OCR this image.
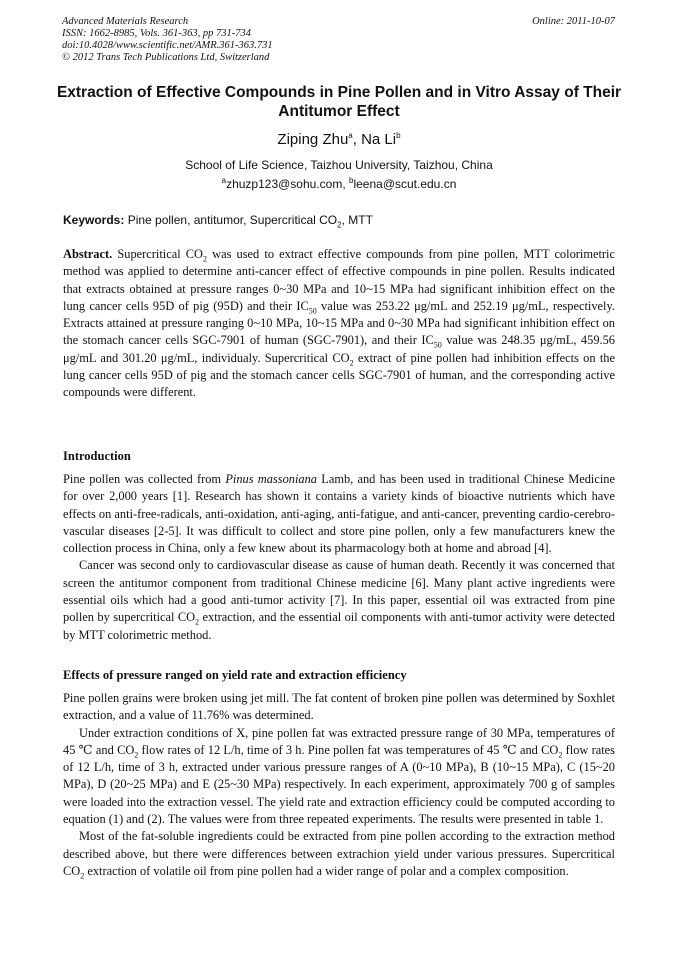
Advanced Materials Research
ISSN: 1662-8985, Vols. 361-363, pp 731-734
doi:10.4028/www.scientific.net/AMR.361-363.731
© 2012 Trans Tech Publications Ltd, Switzerland
Online: 2011-10-07
Extraction of Effective Compounds in Pine Pollen and in Vitro Assay of Their Antitumor Effect
Ziping Zhu$^a$, Na Li$^b$
School of Life Science, Taizhou University, Taizhou, China
$^a$zhuzp123@sohu.com, $^b$leena@scut.edu.cn
Keywords: Pine pollen, antitumor, Supercritical $CO_2$, MTT

Abstract. Supercritical $CO_2$ was used to extract effective compounds from pine pollen, MTT colorimetric method was applied to determine anti-cancer effect of effective compounds in pine pollen. Results indicated that extracts obtained at pressure ranges 0~30 MPa and 10~15 MPa had significant inhibition effect on the lung cancer cells 95D of pig (95D) and their $IC_{50}$ value was 253.22 μg/mL and 252.19 μg/mL, respectively. Extracts attained at pressure ranging 0~10 MPa, 10~15 MPa and 0~30 MPa had significant inhibition effect on the stomach cancer cells SGC-7901 of human (SGC-7901), and their $IC_{50}$ value was 248.35 μg/mL, 459.56 μg/mL and 301.20 μg/mL, individualy. Supercritical $CO_2$ extract of pine pollen had inhibition effects on the lung cancer cells 95D of pig and the stomach cancer cells SGC-7901 of human, and the corresponding active compounds were different.

Introduction

Pine pollen was collected from Pinus massoniana Lamb, and has been used in traditional Chinese Medicine for over 2,000 years [1]. Research has shown it contains a variety kinds of bioactive nutrients which have effects on anti-free-radicals, anti-oxidation, anti-aging, anti-fatigue, and anti-cancer, preventing cardio-cerebro-vascular diseases [2-5]. It was difficult to collect and store pine pollen, only a few manufacturers knew the collection process in China, only a few knew about its pharmacology both at home and abroad [4].

Cancer was second only to cardiovascular disease as cause of human death. Recently it was concerned that screen the antitumor component from traditional Chinese medicine [6]. Many plant active ingredients were essential oils which had a good anti-tumor activity [7]. In this paper, essential oil was extracted from pine pollen by supercritical $CO_2$ extraction, and the essential oil components with anti-tumor activity were detected by MTT colorimetric method.

Effects of pressure ranged on yield rate and extraction efficiency

Pine pollen grains were broken using jet mill. The fat content of broken pine pollen was determined by Soxhlet extraction, and a value of 11.76% was determined.

Under extraction conditions of X, pine pollen fat was extracted pressure range of 30 MPa, temperatures of 45 ℃ and $CO_2$ flow rates of 12 L/h, time of 3 h. Pine pollen fat was temperatures of 45 ℃ and $CO_2$ flow rates of 12 L/h, time of 3 h, extracted under various pressure ranges of A (0~10 MPa), B (10~15 MPa), C (15~20 MPa), D (20~25 MPa) and E (25~30 MPa) respectively. In each experiment, approximately 700 g of samples were loaded into the extraction vessel. The yield rate and extraction efficiency could be computed according to equation (1) and (2). The values were from three repeated experiments. The results were presented in table 1.

Most of the fat-soluble ingredients could be extracted from pine pollen according to the extraction method described above, but there were differences between extrachion yield under various pressures. Supercritical $CO_2$ extraction of volatile oil from pine pollen had a wider range of polar and a complex composition.
